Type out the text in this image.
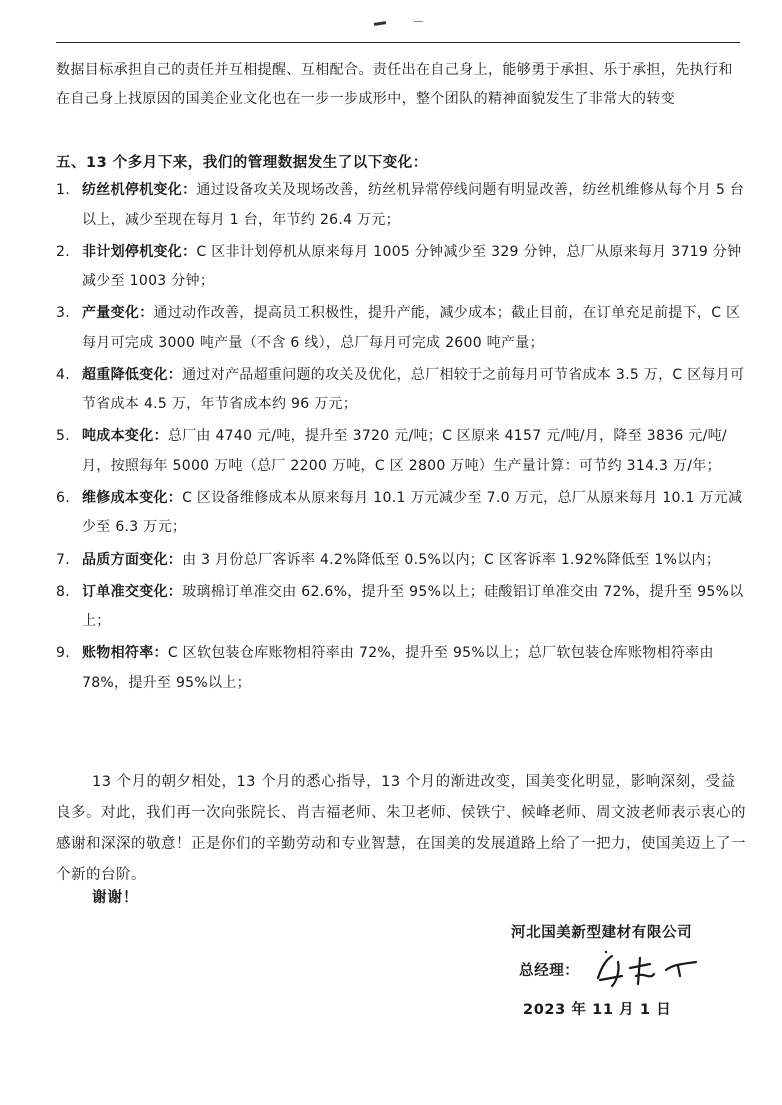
数据目标承担自己的责任并互相提醒、互相配合。责任出在自己身上，能够勇于承担、乐于承担，先执行和在自己身上找原因的国美企业文化也在一步一步成形中，整个团队的精神面貌发生了非常大的转变

五、13 个多月下来，我们的管理数据发生了以下变化：
1. 纺丝机停机变化：通过设备攻关及现场改善，纺丝机异常停线问题有明显改善，纺丝机维修从每个月 5 台以上，减少至现在每月 1 台，年节约 26.4 万元；
2. 非计划停机变化：C 区非计划停机从原来每月 1005 分钟减少至 329 分钟，总厂从原来每月 3719 分钟减少至 1003 分钟；
3. 产量变化：通过动作改善，提高员工积极性，提升产能，减少成本；截止目前，在订单充足前提下，C 区每月可完成 3000 吨产量（不含 6 线），总厂每月可完成 2600 吨产量；
4. 超重降低变化：通过对产品超重问题的攻关及优化，总厂相较于之前每月可节省成本 3.5 万，C 区每月可节省成本 4.5 万，年节省成本约 96 万元；
5. 吨成本变化：总厂由 4740 元/吨，提升至 3720 元/吨；C 区原来 4157 元/吨/月，降至 3836 元/吨/月，按照每年 5000 万吨（总厂 2200 万吨，C 区 2800 万吨）生产量计算：可节约 314.3 万/年；
6. 维修成本变化：C 区设备维修成本从原来每月 10.1 万元减少至 7.0 万元，总厂从原来每月 10.1 万元减少至 6.3 万元；
7. 品质方面变化：由 3 月份总厂客诉率 4.2%降低至 0.5%以内；C 区客诉率 1.92%降低至 1%以内；
8. 订单准交变化：玻璃棉订单准交由 62.6%，提升至 95%以上；硅酸铝订单准交由 72%，提升至 95%以上；
9. 账物相符率：C 区软包装仓库账物相符率由 72%，提升至 95%以上；总厂软包装仓库账物相符率由 78%，提升至 95%以上；

13 个月的朝夕相处，13 个月的悉心指导，13 个月的渐进改变，国美变化明显，影响深刻，受益良多。对此，我们再一次向张院长、肖吉福老师、朱卫老师、侯铁宁、候峰老师、周文波老师表示衷心的感谢和深深的敬意！正是你们的辛勤劳动和专业智慧，在国美的发展道路上给了一把力，使国美迈上了一个新的台阶。

谢谢！
河北国美新型建材有限公司
总经理：
2023 年 11 月 1 日
